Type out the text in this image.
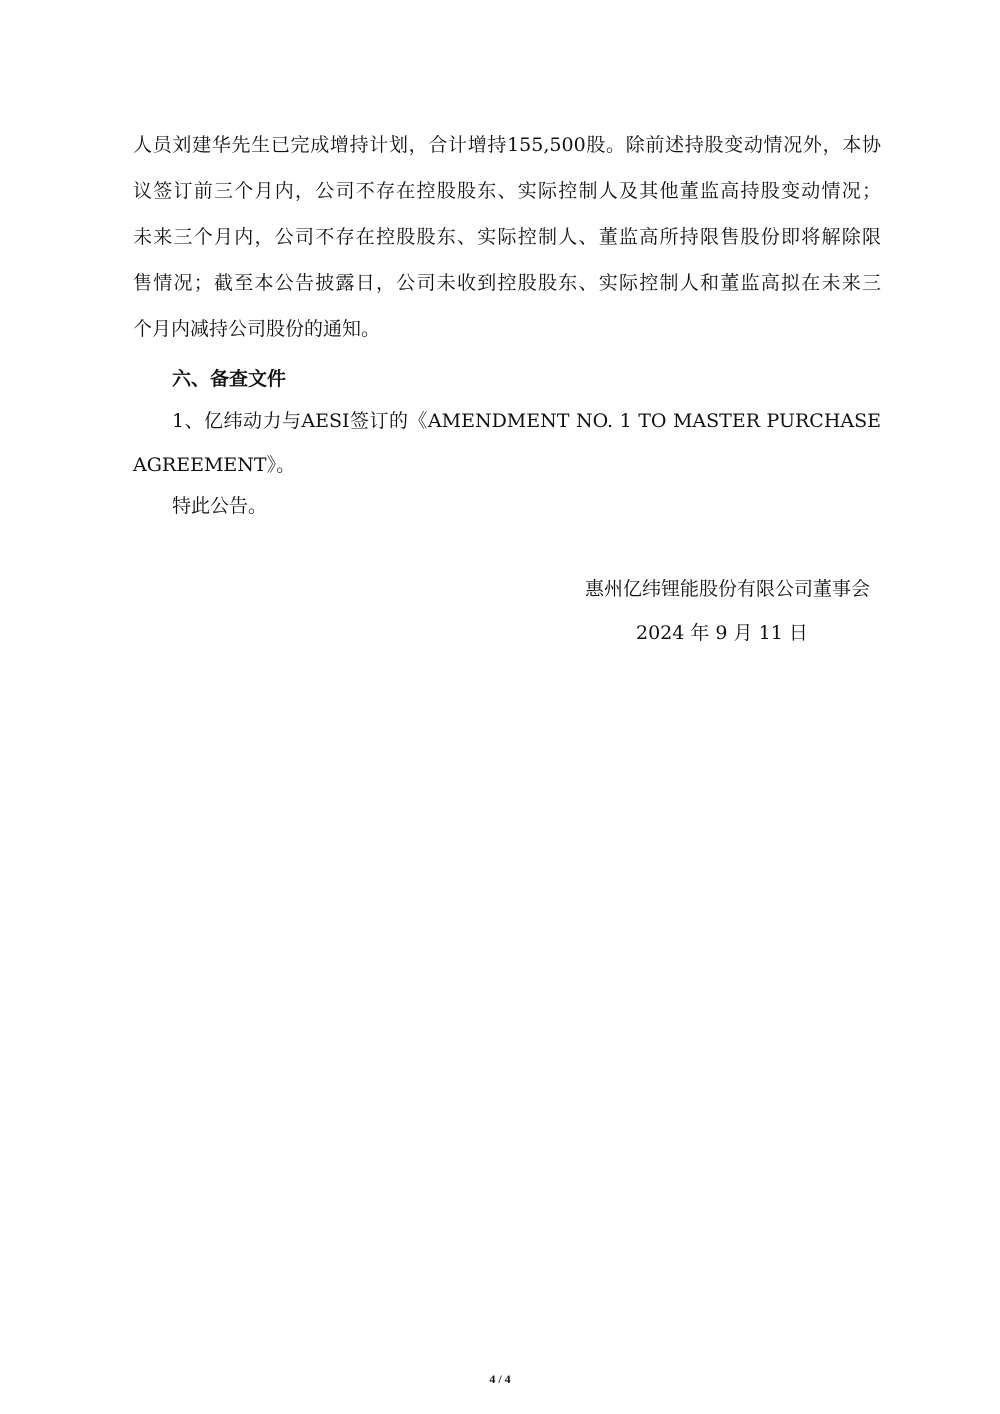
人员刘建华先生已完成增持计划，合计增持155,500股。除前述持股变动情况外，本协
议签订前三个月内，公司不存在控股股东、实际控制人及其他董监高持股变动情况；
未来三个月内，公司不存在控股股东、实际控制人、董监高所持限售股份即将解除限
售情况；截至本公告披露日，公司未收到控股股东、实际控制人和董监高拟在未来三
个月内减持公司股份的通知。
六、备查文件
1、亿纬动力与AESI签订的《AMENDMENT NO. 1 TO MASTER PURCHASE
AGREEMENT》。
特此公告。
惠州亿纬锂能股份有限公司董事会
2024 年 9 月 11 日
4 / 4
